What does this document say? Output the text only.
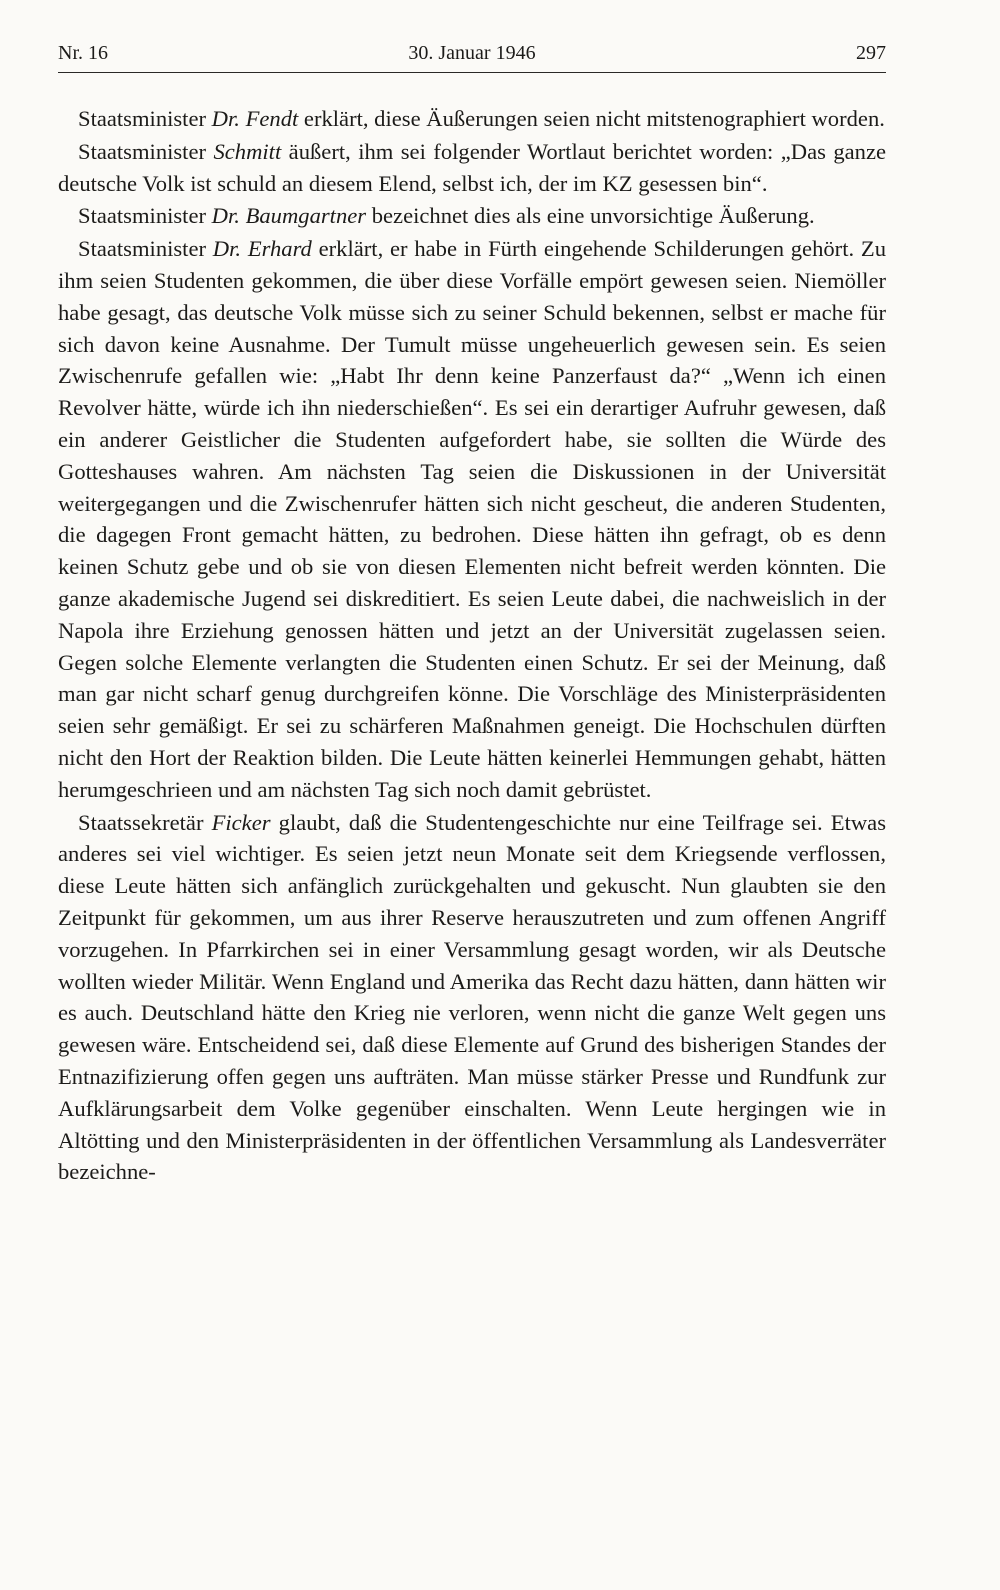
Nr. 16	30. Januar 1946	297

Staatsminister Dr. Fendt erklärt, diese Äußerungen seien nicht mitstenographiert worden.

Staatsminister Schmitt äußert, ihm sei folgender Wortlaut berichtet worden: „Das ganze deutsche Volk ist schuld an diesem Elend, selbst ich, der im KZ gesessen bin“.

Staatsminister Dr. Baumgartner bezeichnet dies als eine unvorsichtige Äußerung.

Staatsminister Dr. Erhard erklärt, er habe in Fürth eingehende Schilderungen gehört. Zu ihm seien Studenten gekommen, die über diese Vorfälle empört gewesen seien. Niemöller habe gesagt, das deutsche Volk müsse sich zu seiner Schuld bekennen, selbst er mache für sich davon keine Ausnahme. Der Tumult müsse ungeheuerlich gewesen sein. Es seien Zwischenrufe gefallen wie: „Habt Ihr denn keine Panzerfaust da?“ „Wenn ich einen Revolver hätte, würde ich ihn niederschießen“. Es sei ein derartiger Aufruhr gewesen, daß ein anderer Geistlicher die Studenten aufgefordert habe, sie sollten die Würde des Gotteshauses wahren. Am nächsten Tag seien die Diskussionen in der Universität weitergegangen und die Zwischenrufer hätten sich nicht gescheut, die anderen Studenten, die dagegen Front gemacht hätten, zu bedrohen. Diese hätten ihn gefragt, ob es denn keinen Schutz gebe und ob sie von diesen Elementen nicht befreit werden könnten. Die ganze akademische Jugend sei diskreditiert. Es seien Leute dabei, die nachweislich in der Napola ihre Erziehung genossen hätten und jetzt an der Universität zugelassen seien. Gegen solche Elemente verlangten die Studenten einen Schutz. Er sei der Meinung, daß man gar nicht scharf genug durchgreifen könne. Die Vorschläge des Ministerpräsidenten seien sehr gemäßigt. Er sei zu schärferen Maßnahmen geneigt. Die Hochschulen dürften nicht den Hort der Reaktion bilden. Die Leute hätten keinerlei Hemmungen gehabt, hätten herumgeschrieen und am nächsten Tag sich noch damit gebrüstet.

Staatssekretär Ficker glaubt, daß die Studentengeschichte nur eine Teilfrage sei. Etwas anderes sei viel wichtiger. Es seien jetzt neun Monate seit dem Kriegsende verflossen, diese Leute hätten sich anfänglich zurückgehalten und gekuscht. Nun glaubten sie den Zeitpunkt für gekommen, um aus ihrer Reserve herauszutreten und zum offenen Angriff vorzugehen. In Pfarrkirchen sei in einer Versammlung gesagt worden, wir als Deutsche wollten wieder Militär. Wenn England und Amerika das Recht dazu hätten, dann hätten wir es auch. Deutschland hätte den Krieg nie verloren, wenn nicht die ganze Welt gegen uns gewesen wäre. Entscheidend sei, daß diese Elemente auf Grund des bisherigen Standes der Entnazifizierung offen gegen uns aufträten. Man müsse stärker Presse und Rundfunk zur Aufklärungsarbeit dem Volke gegenüber einschalten. Wenn Leute hergingen wie in Altötting und den Ministerpräsidenten in der öffentlichen Versammlung als Landesverräter bezeichne-
